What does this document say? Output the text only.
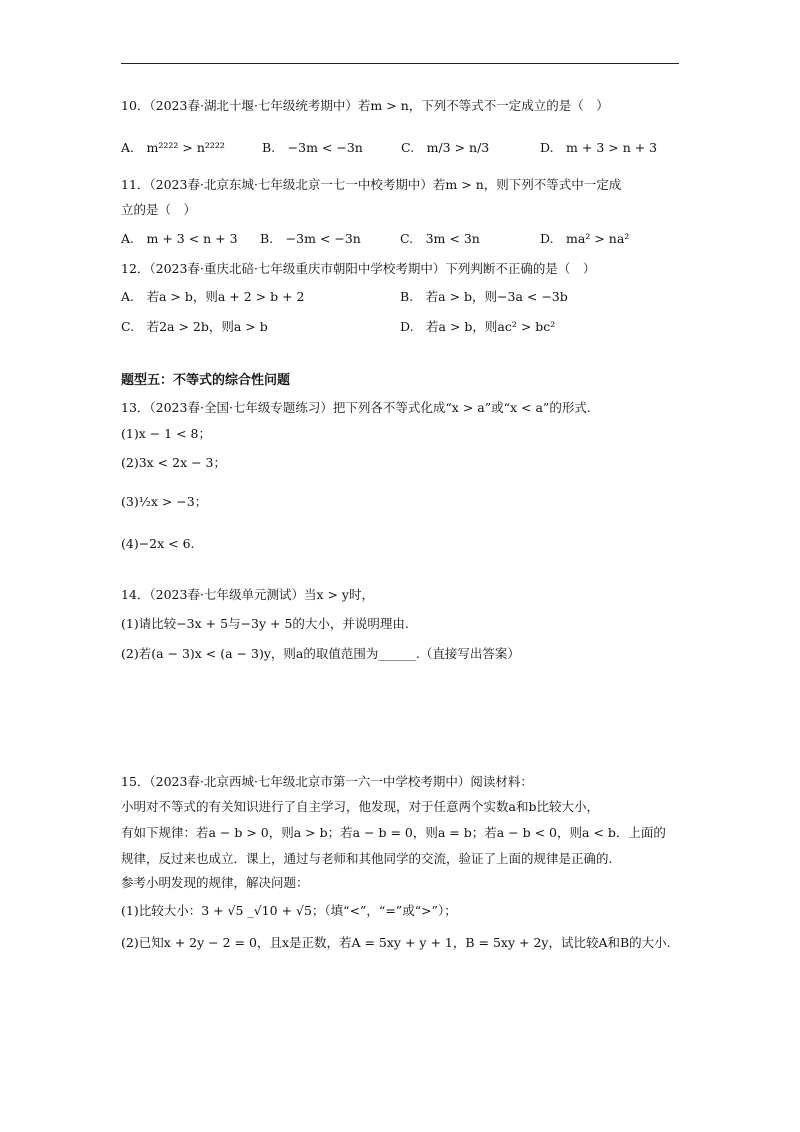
10．（2023春·湖北十堰·七年级统考期中）若m > n，下列不等式不一定成立的是（　）
A.　m²²²² > n²²²²	B.　−3m < −3n	C.　m/3 > n/3	D.　m + 3 > n + 3
11．（2023春·北京东城·七年级北京一七一中校考期中）若m > n，则下列不等式中一定成
立的是（　）
A.　m + 3 < n + 3 B.　−3m < −3n	C.　3m < 3n	D.　ma² > na²
12．（2023春·重庆北碚·七年级重庆市朝阳中学校考期中）下列判断不正确的是（　）
A.　若a > b，则a + 2 > b + 2	B.　若a > b，则−3a < −3b
C.　若2a > 2b，则a > b	D.　若a > b，则ac² > bc²
题型五：不等式的综合性问题
13．（2023春·全国·七年级专题练习）把下列各不等式化成“x > a”或“x < a”的形式.
(1)x − 1 < 8；
(2)3x < 2x − 3；
(3)½x > −3；
(4)−2x < 6.
14．（2023春·七年级单元测试）当x > y时，
(1)请比较−3x + 5与−3y + 5的大小，并说明理由.
(2)若(a − 3)x < (a − 3)y，则a的取值范围为______.（直接写出答案）
15．（2023春·北京西城·七年级北京市第一六一中学校考期中）阅读材料：
小明对不等式的有关知识进行了自主学习，他发现，对于任意两个实数a和b比较大小，
有如下规律：若a − b > 0，则a > b；若a − b = 0，则a = b；若a − b < 0，则a < b．上面的
规律，反过来也成立．课上，通过与老师和其他同学的交流，验证了上面的规律是正确的.
参考小明发现的规律，解决问题：
(1)比较大小：3 + √5 _√10 + √5；（填“<”，“=”或“>”）；
(2)已知x + 2y − 2 = 0，且x是正数，若A = 5xy + y + 1，B = 5xy + 2y，试比较A和B的大小.
